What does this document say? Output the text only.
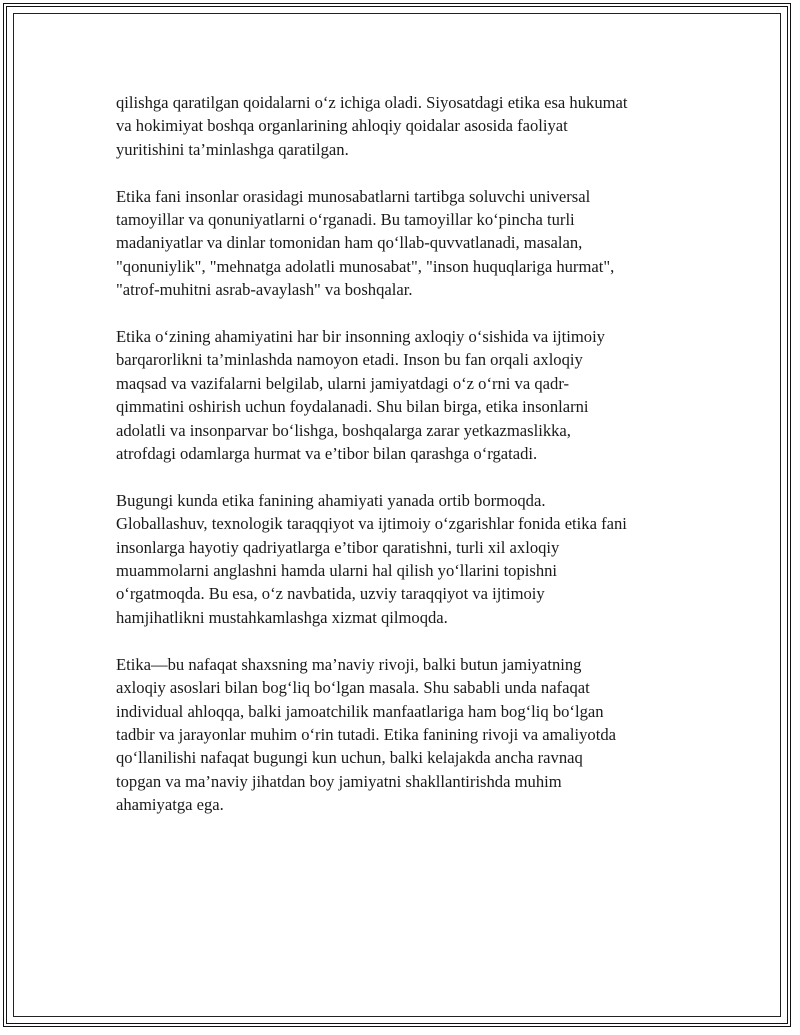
qilishga qaratilgan qoidalarni o‘z ichiga oladi. Siyosatdagi etika esa hukumat
va hokimiyat boshqa organlarining ahloqiy qoidalar asosida faoliyat
yuritishini ta’minlashga qaratilgan.

Etika fani insonlar orasidagi munosabatlarni tartibga soluvchi universal
tamoyillar va qonuniyatlarni o‘rganadi. Bu tamoyillar ko‘pincha turli
madaniyatlar va dinlar tomonidan ham qo‘llab-quvvatlanadi, masalan,
"qonuniylik", "mehnatga adolatli munosabat", "inson huquqlariga hurmat",
"atrof-muhitni asrab-avaylash" va boshqalar.

Etika o‘zining ahamiyatini har bir insonning axloqiy o‘sishida va ijtimoiy
barqarorlikni ta’minlashda namoyon etadi. Inson bu fan orqali axloqiy
maqsad va vazifalarni belgilab, ularni jamiyatdagi o‘z o‘rni va qadr-
qimmatini oshirish uchun foydalanadi. Shu bilan birga, etika insonlarni
adolatli va insonparvar bo‘lishga, boshqalarga zarar yetkazmaslikka,
atrofdagi odamlarga hurmat va e’tibor bilan qarashga o‘rgatadi.

Bugungi kunda etika fanining ahamiyati yanada ortib bormoqda.
Globallashuv, texnologik taraqqiyot va ijtimoiy o‘zgarishlar fonida etika fani
insonlarga hayotiy qadriyatlarga e’tibor qaratishni, turli xil axloqiy
muammolarni anglashni hamda ularni hal qilish yo‘llarini topishni
o‘rgatmoqda. Bu esa, o‘z navbatida, uzviy taraqqiyot va ijtimoiy
hamjihatlikni mustahkamlashga xizmat qilmoqda.

Etika—bu nafaqat shaxsning ma’naviy rivoji, balki butun jamiyatning
axloqiy asoslari bilan bog‘liq bo‘lgan masala. Shu sababli unda nafaqat
individual ahloqqa, balki jamoatchilik manfaatlariga ham bog‘liq bo‘lgan
tadbir va jarayonlar muhim o‘rin tutadi. Etika fanining rivoji va amaliyotda
qo‘llanilishi nafaqat bugungi kun uchun, balki kelajakda ancha ravnaq
topgan va ma’naviy jihatdan boy jamiyatni shakllantirishda muhim
ahamiyatga ega.
